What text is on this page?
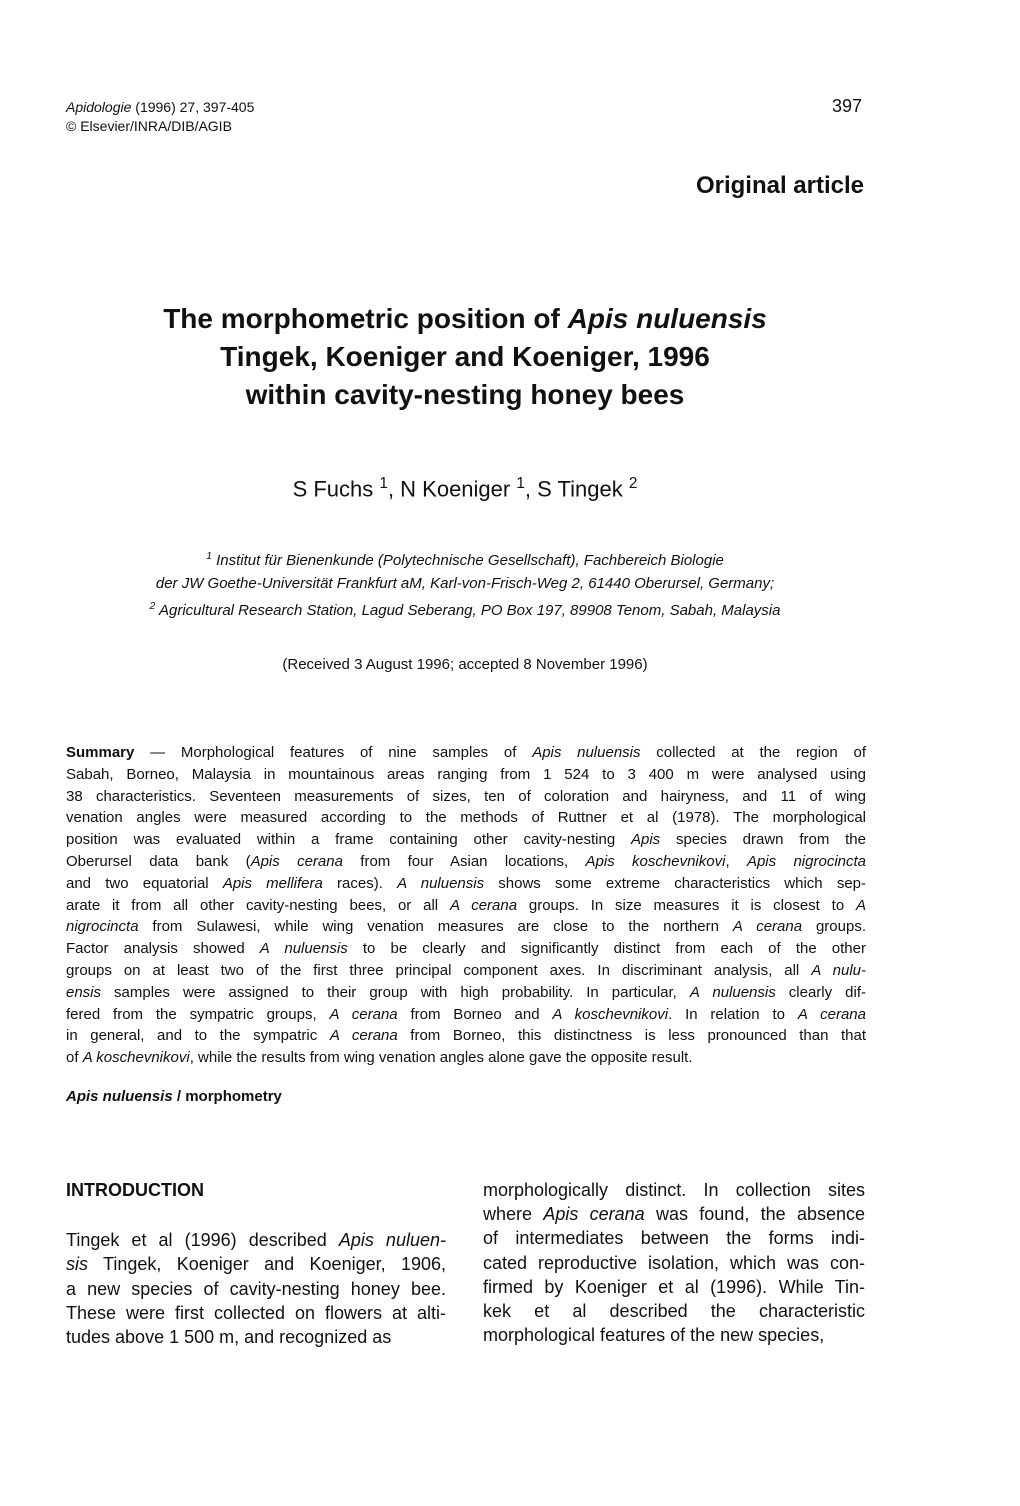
Apidologie (1996) 27, 397-405
© Elsevier/INRA/DIB/AGIB
397
Original article
The morphometric position of Apis nuluensis
Tingek, Koeniger and Koeniger, 1996
within cavity-nesting honey bees
S Fuchs $^1$, N Koeniger $^1$, S Tingek $^2$
$^1$ Institut für Bienenkunde (Polytechnische Gesellschaft), Fachbereich Biologie
der JW Goethe-Universität Frankfurt aM, Karl-von-Frisch-Weg 2, 61440 Oberursel, Germany;
$^2$ Agricultural Research Station, Lagud Seberang, PO Box 197, 89908 Tenom, Sabah, Malaysia
(Received 3 August 1996; accepted 8 November 1996)
Summary — Morphological features of nine samples of Apis nuluensis collected at the region of
Sabah, Borneo, Malaysia in mountainous areas ranging from 1 524 to 3 400 m were analysed using
38 characteristics. Seventeen measurements of sizes, ten of coloration and hairyness, and 11 of wing
venation angles were measured according to the methods of Ruttner et al (1978). The morphological
position was evaluated within a frame containing other cavity-nesting Apis species drawn from the
Oberursel data bank (Apis cerana from four Asian locations, Apis koschevnikovi, Apis nigrocincta
and two equatorial Apis mellifera races). A nuluensis shows some extreme characteristics which sep-
arate it from all other cavity-nesting bees, or all A cerana groups. In size measures it is closest to A
nigrocincta from Sulawesi, while wing venation measures are close to the northern A cerana groups.
Factor analysis showed A nuluensis to be clearly and significantly distinct from each of the other
groups on at least two of the first three principal component axes. In discriminant analysis, all A nulu-
ensis samples were assigned to their group with high probability. In particular, A nuluensis clearly dif-
fered from the sympatric groups, A cerana from Borneo and A koschevnikovi. In relation to A cerana
in general, and to the sympatric A cerana from Borneo, this distinctness is less pronounced than that
of A koschevnikovi, while the results from wing venation angles alone gave the opposite result.
Apis nuluensis / morphometry
INTRODUCTION
Tingek et al (1996) described Apis nuluen-
sis Tingek, Koeniger and Koeniger, 1906,
a new species of cavity-nesting honey bee.
These were first collected on flowers at alti-
tudes above 1 500 m, and recognized as
morphologically distinct. In collection sites
where Apis cerana was found, the absence
of intermediates between the forms indi-
cated reproductive isolation, which was con-
firmed by Koeniger et al (1996). While Tin-
kek et al described the characteristic
morphological features of the new species,
